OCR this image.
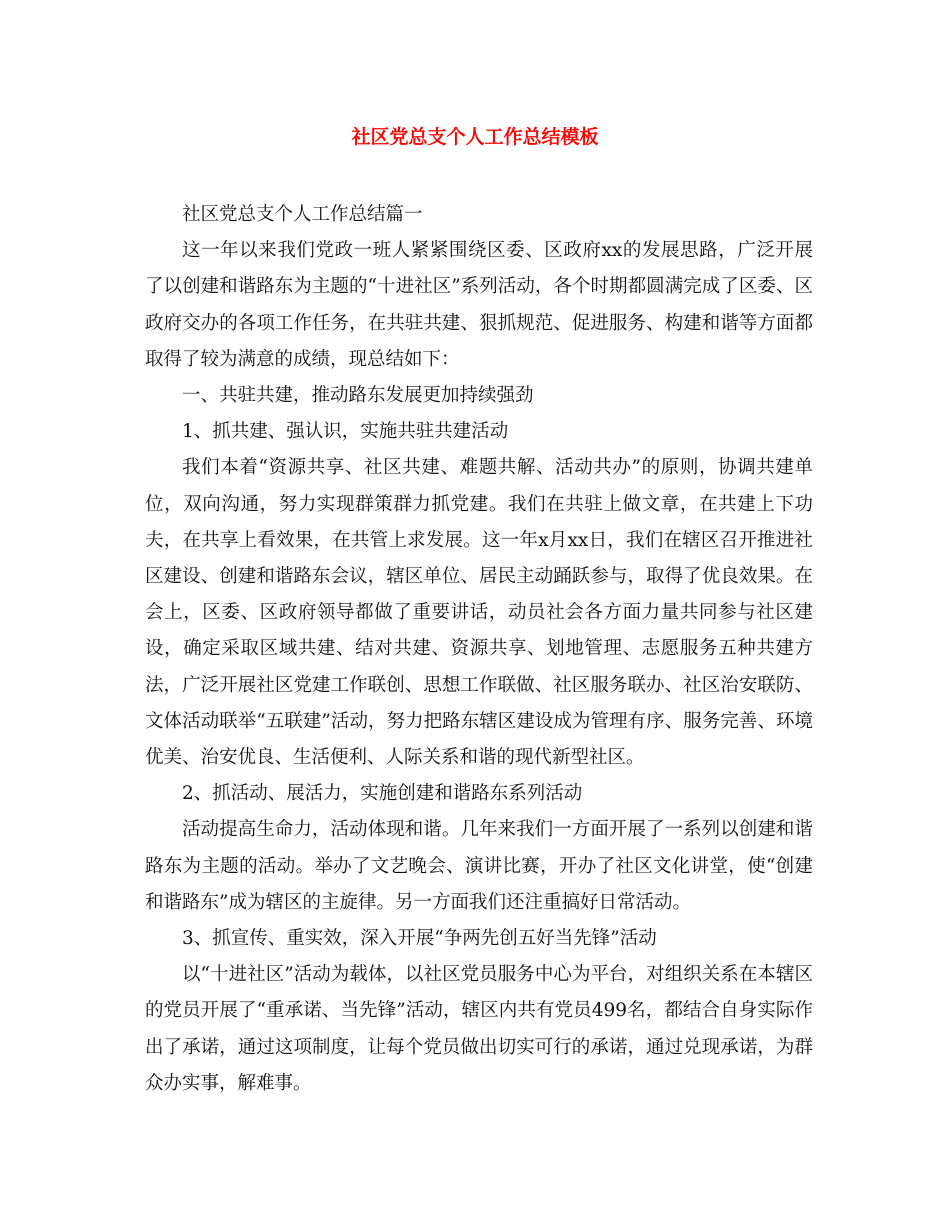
社区党总支个人工作总结模板

社区党总支个人工作总结篇一

这一年以来我们党政一班人紧紧围绕区委、区政府xx的发展思路，广泛开展了以创建和谐路东为主题的“十进社区”系列活动，各个时期都圆满完成了区委、区政府交办的各项工作任务，在共驻共建、狠抓规范、促进服务、构建和谐等方面都取得了较为满意的成绩，现总结如下：

一、共驻共建，推动路东发展更加持续强劲

1、抓共建、强认识，实施共驻共建活动

我们本着“资源共享、社区共建、难题共解、活动共办”的原则，协调共建单位，双向沟通，努力实现群策群力抓党建。我们在共驻上做文章，在共建上下功夫，在共享上看效果，在共管上求发展。这一年x月xx日，我们在辖区召开推进社区建设、创建和谐路东会议，辖区单位、居民主动踊跃参与，取得了优良效果。在会上，区委、区政府领导都做了重要讲话，动员社会各方面力量共同参与社区建设，确定采取区域共建、结对共建、资源共享、划地管理、志愿服务五种共建方法，广泛开展社区党建工作联创、思想工作联做、社区服务联办、社区治安联防、文体活动联举“五联建”活动，努力把路东辖区建设成为管理有序、服务完善、环境优美、治安优良、生活便利、人际关系和谐的现代新型社区。

2、抓活动、展活力，实施创建和谐路东系列活动

活动提高生命力，活动体现和谐。几年来我们一方面开展了一系列以创建和谐路东为主题的活动。举办了文艺晚会、演讲比赛，开办了社区文化讲堂，使“创建和谐路东”成为辖区的主旋律。另一方面我们还注重搞好日常活动。

3、抓宣传、重实效，深入开展“争两先创五好当先锋”活动

以“十进社区”活动为载体，以社区党员服务中心为平台，对组织关系在本辖区的党员开展了“重承诺、当先锋”活动，辖区内共有党员499名，都结合自身实际作出了承诺，通过这项制度，让每个党员做出切实可行的承诺，通过兑现承诺，为群众办实事，解难事。
